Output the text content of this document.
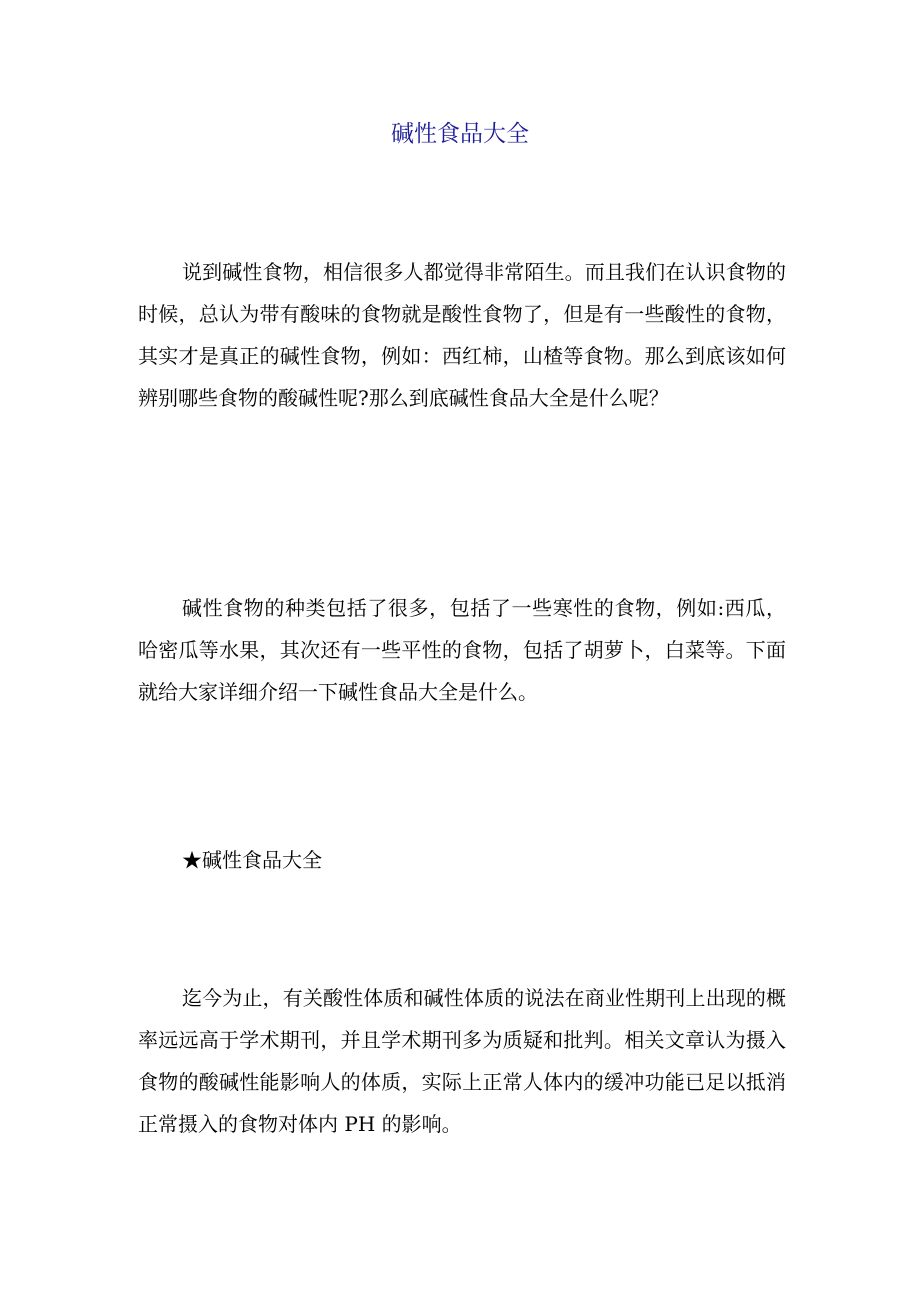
碱性食品大全

说到碱性食物，相信很多人都觉得非常陌生。而且我们在认识食物的时候，总认为带有酸味的食物就是酸性食物了，但是有一些酸性的食物，其实才是真正的碱性食物，例如：西红柿，山楂等食物。那么到底该如何辨别哪些食物的酸碱性呢?那么到底碱性食品大全是什么呢？

碱性食物的种类包括了很多，包括了一些寒性的食物，例如:西瓜，哈密瓜等水果，其次还有一些平性的食物，包括了胡萝卜，白菜等。下面就给大家详细介绍一下碱性食品大全是什么。

★碱性食品大全

迄今为止，有关酸性体质和碱性体质的说法在商业性期刊上出现的概率远远高于学术期刊，并且学术期刊多为质疑和批判。相关文章认为摄入食物的酸碱性能影响人的体质，实际上正常人体内的缓冲功能已足以抵消正常摄入的食物对体内 PH 的影响。
